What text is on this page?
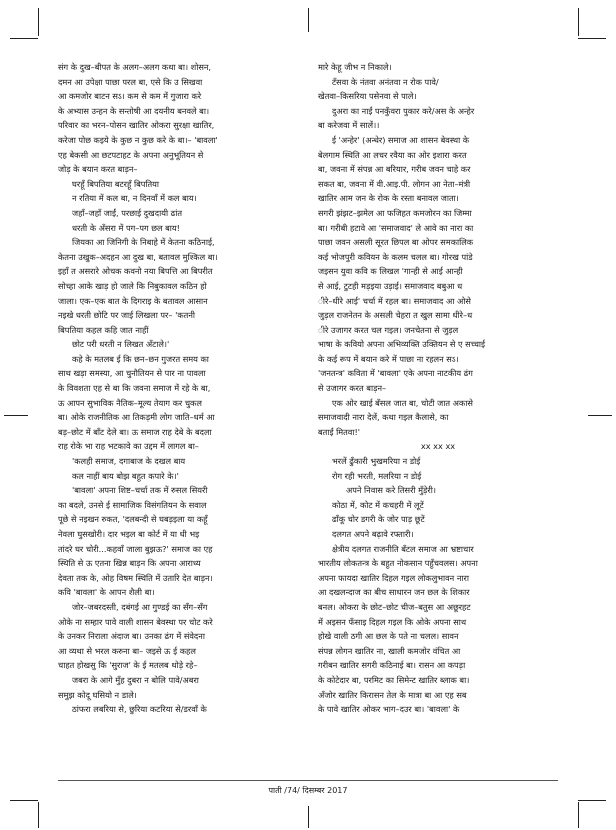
संग के दुख–बीपत के अलग–अलग कथा बा। शोसन,

दमन आ उपेक्षा पाछा परल बा, एसे कि उ सिखवा

आ कमजोर बाटन सऽ। कम से कम में गुजारा करे

के अभ्यास उन्हन के सन्तोषी आ दयनीय बनवले बा।

परिवार का भरन–पोसन खातिर ओकरा सुरक्षा खातिर,

करेजा पोछ कइये के कुछ न कुछ करे के बा।– 'बावला'

एह बेकसी आ छटपटाहट के अपना अनुभूतियन से

जोड़ के बयान करत बाड़न–

घरहूँ बिपतिया बटरहूँ बिपतिया

न रतिया में कल बा, न दिनवाँ में कल बाय।

जहाँ–जहाँ जाईं, परछाई दुखदायी ढांत

धरती के अँसरा में पग–पग छल बाय!

जियका आ जिनिगी के निबाहे में केतना कठिनाई,

केतना उखुक–अदहन आ दुख बा, बतावल मुश्किल बा।

इहाँ त असरारे ओचक कवनो नया बिपत्ति आ बिपरीत

सोच्हा आके खाड़ हो जाले कि निबुकावल कठिन हो

जाला। एक–एक बात के दिगराइ के बतावल आसान

नइखे धरती छोटि पर जाई लिखला पर– 'कतनी

बिपतिया कहल कहि जात नाहीं

छोट परी धरती न लिखत अँटाले।'

कहे के मतलब ई कि छन–छन गुजरत समय का

साथ खड़ा समस्या, आ चुनौतियन से पार ना पावला

के विवशता एह से बा कि जवना समाज में रहे के बा,

ऊ आपन सुभाविक नैतिक–मूल्य तेयाग कर चुकल

बा। ओके राजनीतिक आ तिकड़मी लोग जाति–धर्म आ

बड़–छोट में बाँट देले बा। ऊ समाज राह देबे के बदला

राह रोके भा राह भटकावे का उद्दम में लागल बा–

'कलही समाज, दगाबाज के दखल बाय

कल नाहीं बाय बोझ बहुत कपारे के।'

'बावला' अपना शिष्ट–चर्चा तक में रुसल सियरी

का बदले, उनसे ई सामाजिक विसंगतियन के सवाल

पूछे से नइखन रुकत, 'दलबन्दी से घबड़इला या कहूँ

नेवला घुसखोरी। दार भइल बा कोर्ट में या धी भइ

तांदरे घर चोरी...कहवाँ जाला बुझऊ?' समाज का एह

स्थिति से ऊ एतना खिन्न बाड़न कि अपना आराध्य

देवता तक के, ओह विषम स्थिति में उतारि देत बाड़न।

कवि 'बावला' के आपन शैली बा।

जोर–जबरदस्ती, दबंगई आ गुण्डई का सँग–सँग

ओके ना सम्हार पावे वाली शासन बेवस्था पर चोट करे

के उनकर निराला अंदाज बा। उनका ढंग में संवेदना

आ व्यथा से भरल करुना बा– जइसे ऊ ई कहल

चाहत होखसु कि 'सुराज' के ई मतलब थोड़े रहे–

जबरा के आगे मुँह दुबरा न बोलि पावे/अबरा

समुझ कोदू घसियो न डाले।

ठांफरा लबरिया से, छुरिया कटरिया से/डरवाँ के

मारे केहू जीभ न निकाले।

टँसवा के नंतवा अनंतवा न रोक पावे/

खेतवा–किसरिया पसेनवा से पाले।

दुअरा का नाईं पनकुँवरा पुकार करे/अस के अन्हेर

बा करेजवा में सालें।।

ई 'अन्हेर' (अन्धेर) समाज आ शासन बेवस्था के

बेलगाम स्थिति आ लचर रवैया का ओर इशारा करत

बा, जवना में संपन्न आ बरियार, गरीब जवन चाहे कर

सकत बा, जवना में वी.आइ.पी. लोगन आ नेता–मंत्री

खातिर आम जन के रोक के रस्ता बनावल जाता।

सगरी झंझट–झमेल आ फजिहत कमजोरन का जिम्मा

बा। गरीबी हटावे आ 'समाजवाद' ले आवे का नारा का

पाछा जवन असली सूरत छिपल बा ओपर समकालिक

कई भोजपुरी कवियन के कलम चलल बा। गोरख पांडे

जइसन युवा कवि क लिखल 'गान्ही से आई आन्ही

से आई, टुटही मड़इया उड़ाई। समाजवाद बबुआ ध

ीरे–धीरे आई' चर्चा में रहल बा। समाजवाद आ ओसे

जुड़ल राजनेतन के असली चेहरा त खुल सामा धीरे–ध

ीरे उजागर करत चल गइल। जनचेतना से जुड़ल

भाषा के कवियो अपना अभिव्यक्ति उक्तियन से ए सच्चाई

के कई रूप में बयान करे में पाछा ना रहलन सऽ।

'जनतन्त्र' कविता में 'बावला' एके अपना नाटकीय ढंग

से उजागर करत बाड़न–

एक ओर खाई बँसल जात बा, चोटी जात अकासे

समाजवादी नारा देलें, कथा गइल कैलासे, का

बताईं मितवा!'

xx xx xx

भरलें ढुँकारी भुखमरिया न डोई

रोग रही भरती, मलरिया न डोई

अपने निवास करे तिसरी मुँड़ेरी।

कोठा में, कोट में कचहरी में लूटें

ढाँकू चोर डगरी के जोर पाड़ छूटें

दलगत अपने बढ़ावे रफ्तारी।

क्षेत्रीय दलगत राजनीति बँटल समाज आ भ्रष्टाचार

भारतीय लोकतन्त्र के बहुत नोकसान पहुँचवलस। अपना

अपना फायदा खातिर दिहल गइल लोकलुभावन नारा

आ दखलन्दाज का बीच साधारन जन छल के शिकार

बनल। ओकरा के छोट–छोट चीज–बतुस आ अछूरहट

में अइसन फँसाइ दिहल गइल कि ओके अपना साथ

होखे वाली ठगी आ छल के पते ना चलल। सावन

संपन्न लोगन खातिर ना, खाली कमजोर वंचित आ

गरीबन खातिर सगरी कठिनाई बा। रासन आ कपड़ा

के कोटेदार बा, परमिट का सिमेन्ट खातिर ब्लाक बा।

अँजोर खातिर किरासन तेल के मात्रा बा आ एह सब

के पावे खातिर ओकर भाग–दउर बा। 'बावला' के

पाती /74/ दिसम्बर 2017
